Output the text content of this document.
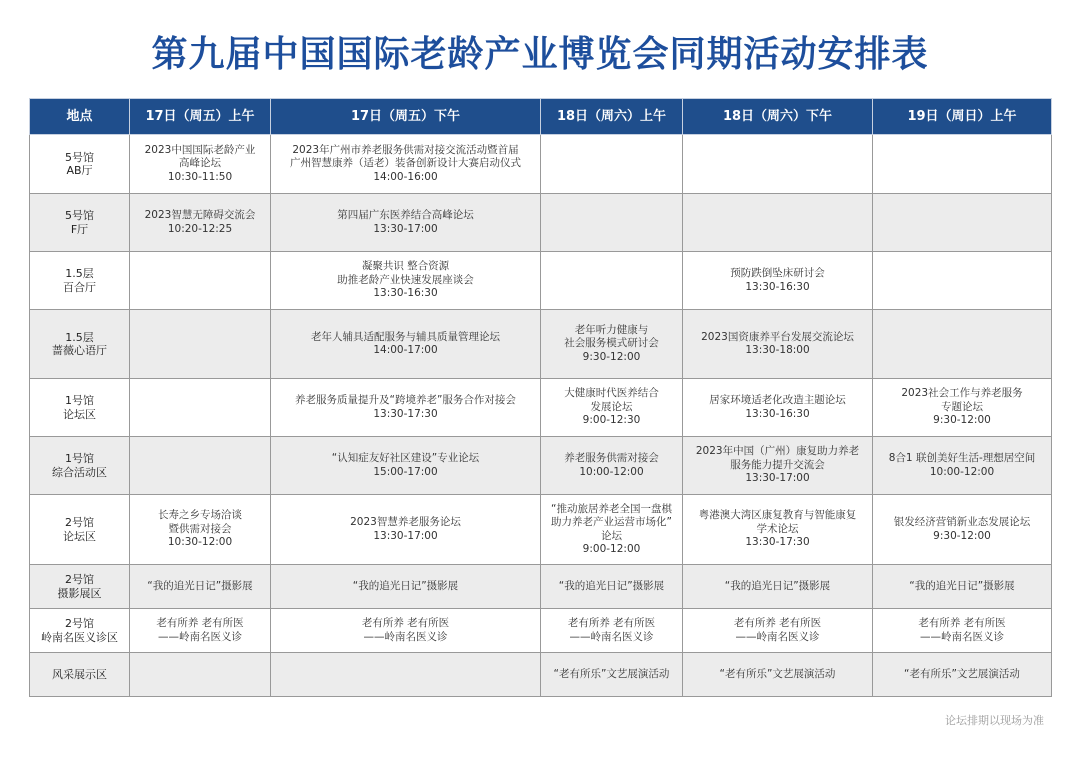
第九届中国国际老龄产业博览会同期活动安排表
地点	17日（周五）上午	17日（周五）下午	18日（周六）上午	18日（周六）下午	19日（周日）上午

5号馆
AB厅	2023中国国际老龄产业
高峰论坛
10:30-11:50	2023年广州市养老服务供需对接交流活动暨首届
广州智慧康养（适老）装备创新设计大赛启动仪式
14:00-16:00			

5号馆
F厅	2023智慧无障碍交流会
10:20-12:25	第四届广东医养结合高峰论坛
13:30-17:00			

1.5层
百合厅		凝聚共识 整合资源
助推老龄产业快速发展座谈会
13:30-16:30		预防跌倒坠床研讨会
13:30-16:30	

1.5层
蔷薇心语厅		老年人辅具适配服务与辅具质量管理论坛
14:00-17:00	老年听力健康与
社会服务模式研讨会
9:30-12:00	2023国资康养平台发展交流论坛
13:30-18:00	

1号馆
论坛区		养老服务质量提升及“跨境养老”服务合作对接会
13:30-17:30	大健康时代医养结合
发展论坛
9:00-12:30	居家环境适老化改造主题论坛
13:30-16:30	2023社会工作与养老服务
专题论坛
9:30-12:00

1号馆
综合活动区		“认知症友好社区建设”专业论坛
15:00-17:00	养老服务供需对接会
10:00-12:00	2023年中国（广州）康复助力养老
服务能力提升交流会
13:30-17:00	8合1 联创美好生活-理想居空间
10:00-12:00

2号馆
论坛区	长寿之乡专场洽谈
暨供需对接会
10:30-12:00	2023智慧养老服务论坛
13:30-17:00	“推动旅居养老全国一盘棋
助力养老产业运营市场化”
论坛
9:00-12:00	粤港澳大湾区康复教育与智能康复
学术论坛
13:30-17:30	银发经济营销新业态发展论坛
9:30-12:00

2号馆
摄影展区	“我的追光日记”摄影展	“我的追光日记”摄影展	“我的追光日记”摄影展	“我的追光日记”摄影展	“我的追光日记”摄影展

2号馆
岭南名医义诊区	老有所养 老有所医
——岭南名医义诊	老有所养 老有所医
——岭南名医义诊	老有所养 老有所医
——岭南名医义诊	老有所养 老有所医
——岭南名医义诊	老有所养 老有所医
——岭南名医义诊

风采展示区			“老有所乐”文艺展演活动	“老有所乐”文艺展演活动	“老有所乐”文艺展演活动
论坛排期以现场为准
